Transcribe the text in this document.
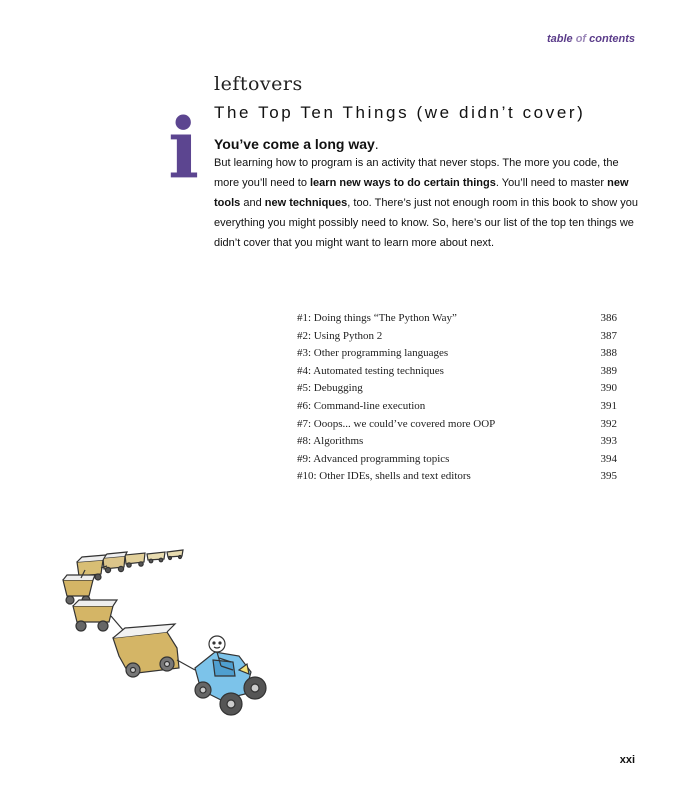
table of contents
leftovers
The Top Ten Things (we didn’t cover)
i You’ve come a long way.
But learning how to program is an activity that never stops. The more you code, the more you’ll need to learn new ways to do certain things. You’ll need to master new tools and new techniques, too. There’s just not enough room in this book to show you everything you might possibly need to know. So, here’s our list of the top ten things we didn’t cover that you might want to learn more about next.
#1: Doing things “The Python Way”	386
#2: Using Python 2	387
#3: Other programming languages	388
#4: Automated testing techniques	389
#5: Debugging	390
#6: Command-line execution	391
#7: Ooops... we could’ve covered more OOP	392
#8: Algorithms	393
#9: Advanced programming topics	394
#10: Other IDEs, shells and text editors	395
xxi
